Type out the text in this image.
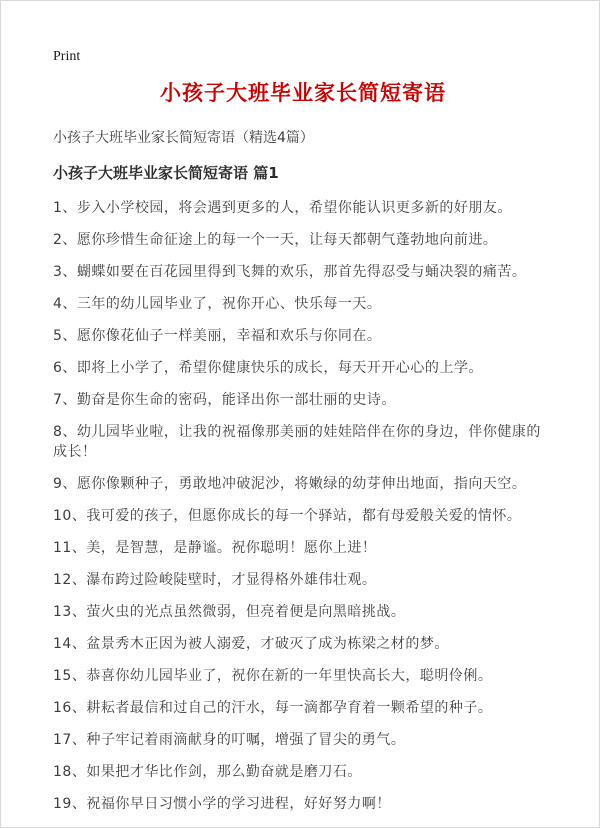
Print
小孩子大班毕业家长简短寄语

小孩子大班毕业家长简短寄语（精选4篇）

小孩子大班毕业家长简短寄语 篇1

1、步入小学校园，将会遇到更多的人，希望你能认识更多新的好朋友。

2、愿你珍惜生命征途上的每一个一天，让每天都朝气蓬勃地向前进。

3、蝴蝶如要在百花园里得到飞舞的欢乐，那首先得忍受与蛹决裂的痛苦。

4、三年的幼儿园毕业了，祝你开心、快乐每一天。

5、愿你像花仙子一样美丽，幸福和欢乐与你同在。

6、即将上小学了，希望你健康快乐的成长，每天开开心心的上学。

7、勤奋是你生命的密码，能译出你一部壮丽的史诗。

8、幼儿园毕业啦，让我的祝福像那美丽的娃娃陪伴在你的身边，伴你健康的成长！

9、愿你像颗种子，勇敢地冲破泥沙，将嫩绿的幼芽伸出地面，指向天空。

10、我可爱的孩子，但愿你成长的每一个驿站，都有母爱般关爱的情怀。

11、美，是智慧，是静谧。祝你聪明！愿你上进！

12、瀑布跨过险峻陡壁时，才显得格外雄伟壮观。

13、萤火虫的光点虽然微弱，但亮着便是向黑暗挑战。

14、盆景秀木正因为被人溺爱，才破灭了成为栋梁之材的梦。

15、恭喜你幼儿园毕业了，祝你在新的一年里快高长大，聪明伶俐。

16、耕耘者最信和过自己的汗水，每一滴都孕育着一颗希望的种子。

17、种子牢记着雨滴献身的叮嘱，增强了冒尖的勇气。

18、如果把才华比作剑，那么勤奋就是磨刀石。

19、祝福你早日习惯小学的学习进程，好好努力啊！
